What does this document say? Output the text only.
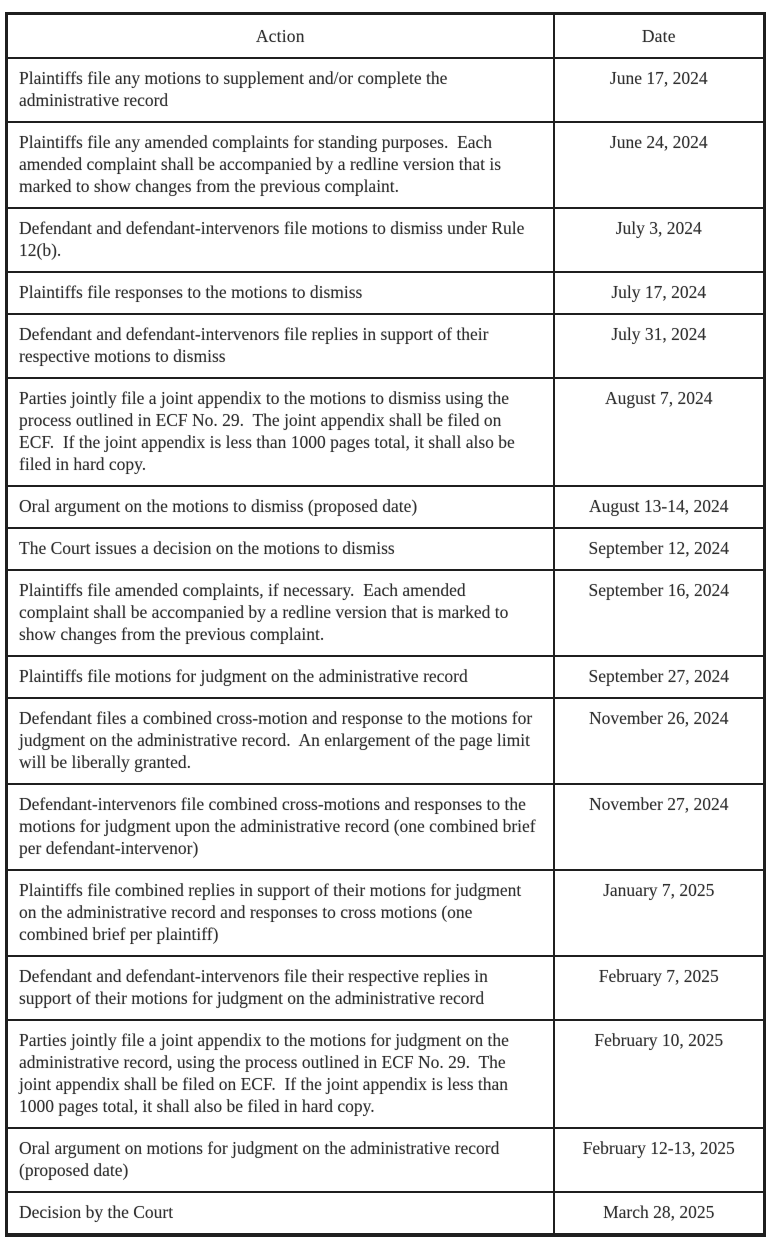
Action	Date
Plaintiffs file any motions to supplement and/or complete the administrative record	June 17, 2024
Plaintiffs file any amended complaints for standing purposes.  Each amended complaint shall be accompanied by a redline version that is marked to show changes from the previous complaint.	June 24, 2024
Defendant and defendant-intervenors file motions to dismiss under Rule 12(b).	July 3, 2024
Plaintiffs file responses to the motions to dismiss	July 17, 2024
Defendant and defendant-intervenors file replies in support of their respective motions to dismiss	July 31, 2024
Parties jointly file a joint appendix to the motions to dismiss using the process outlined in ECF No. 29.  The joint appendix shall be filed on ECF.  If the joint appendix is less than 1000 pages total, it shall also be filed in hard copy.	August 7, 2024
Oral argument on the motions to dismiss (proposed date)	August 13-14, 2024
The Court issues a decision on the motions to dismiss	September 12, 2024
Plaintiffs file amended complaints, if necessary.  Each amended complaint shall be accompanied by a redline version that is marked to show changes from the previous complaint.	September 16, 2024
Plaintiffs file motions for judgment on the administrative record	September 27, 2024
Defendant files a combined cross-motion and response to the motions for judgment on the administrative record.  An enlargement of the page limit will be liberally granted.	November 26, 2024
Defendant-intervenors file combined cross-motions and responses to the motions for judgment upon the administrative record (one combined brief per defendant-intervenor)	November 27, 2024
Plaintiffs file combined replies in support of their motions for judgment on the administrative record and responses to cross motions (one combined brief per plaintiff)	January 7, 2025
Defendant and defendant-intervenors file their respective replies in support of their motions for judgment on the administrative record	February 7, 2025
Parties jointly file a joint appendix to the motions for judgment on the administrative record, using the process outlined in ECF No. 29.  The joint appendix shall be filed on ECF.  If the joint appendix is less than 1000 pages total, it shall also be filed in hard copy.	February 10, 2025
Oral argument on motions for judgment on the administrative record (proposed date)	February 12-13, 2025
Decision by the Court	March 28, 2025
